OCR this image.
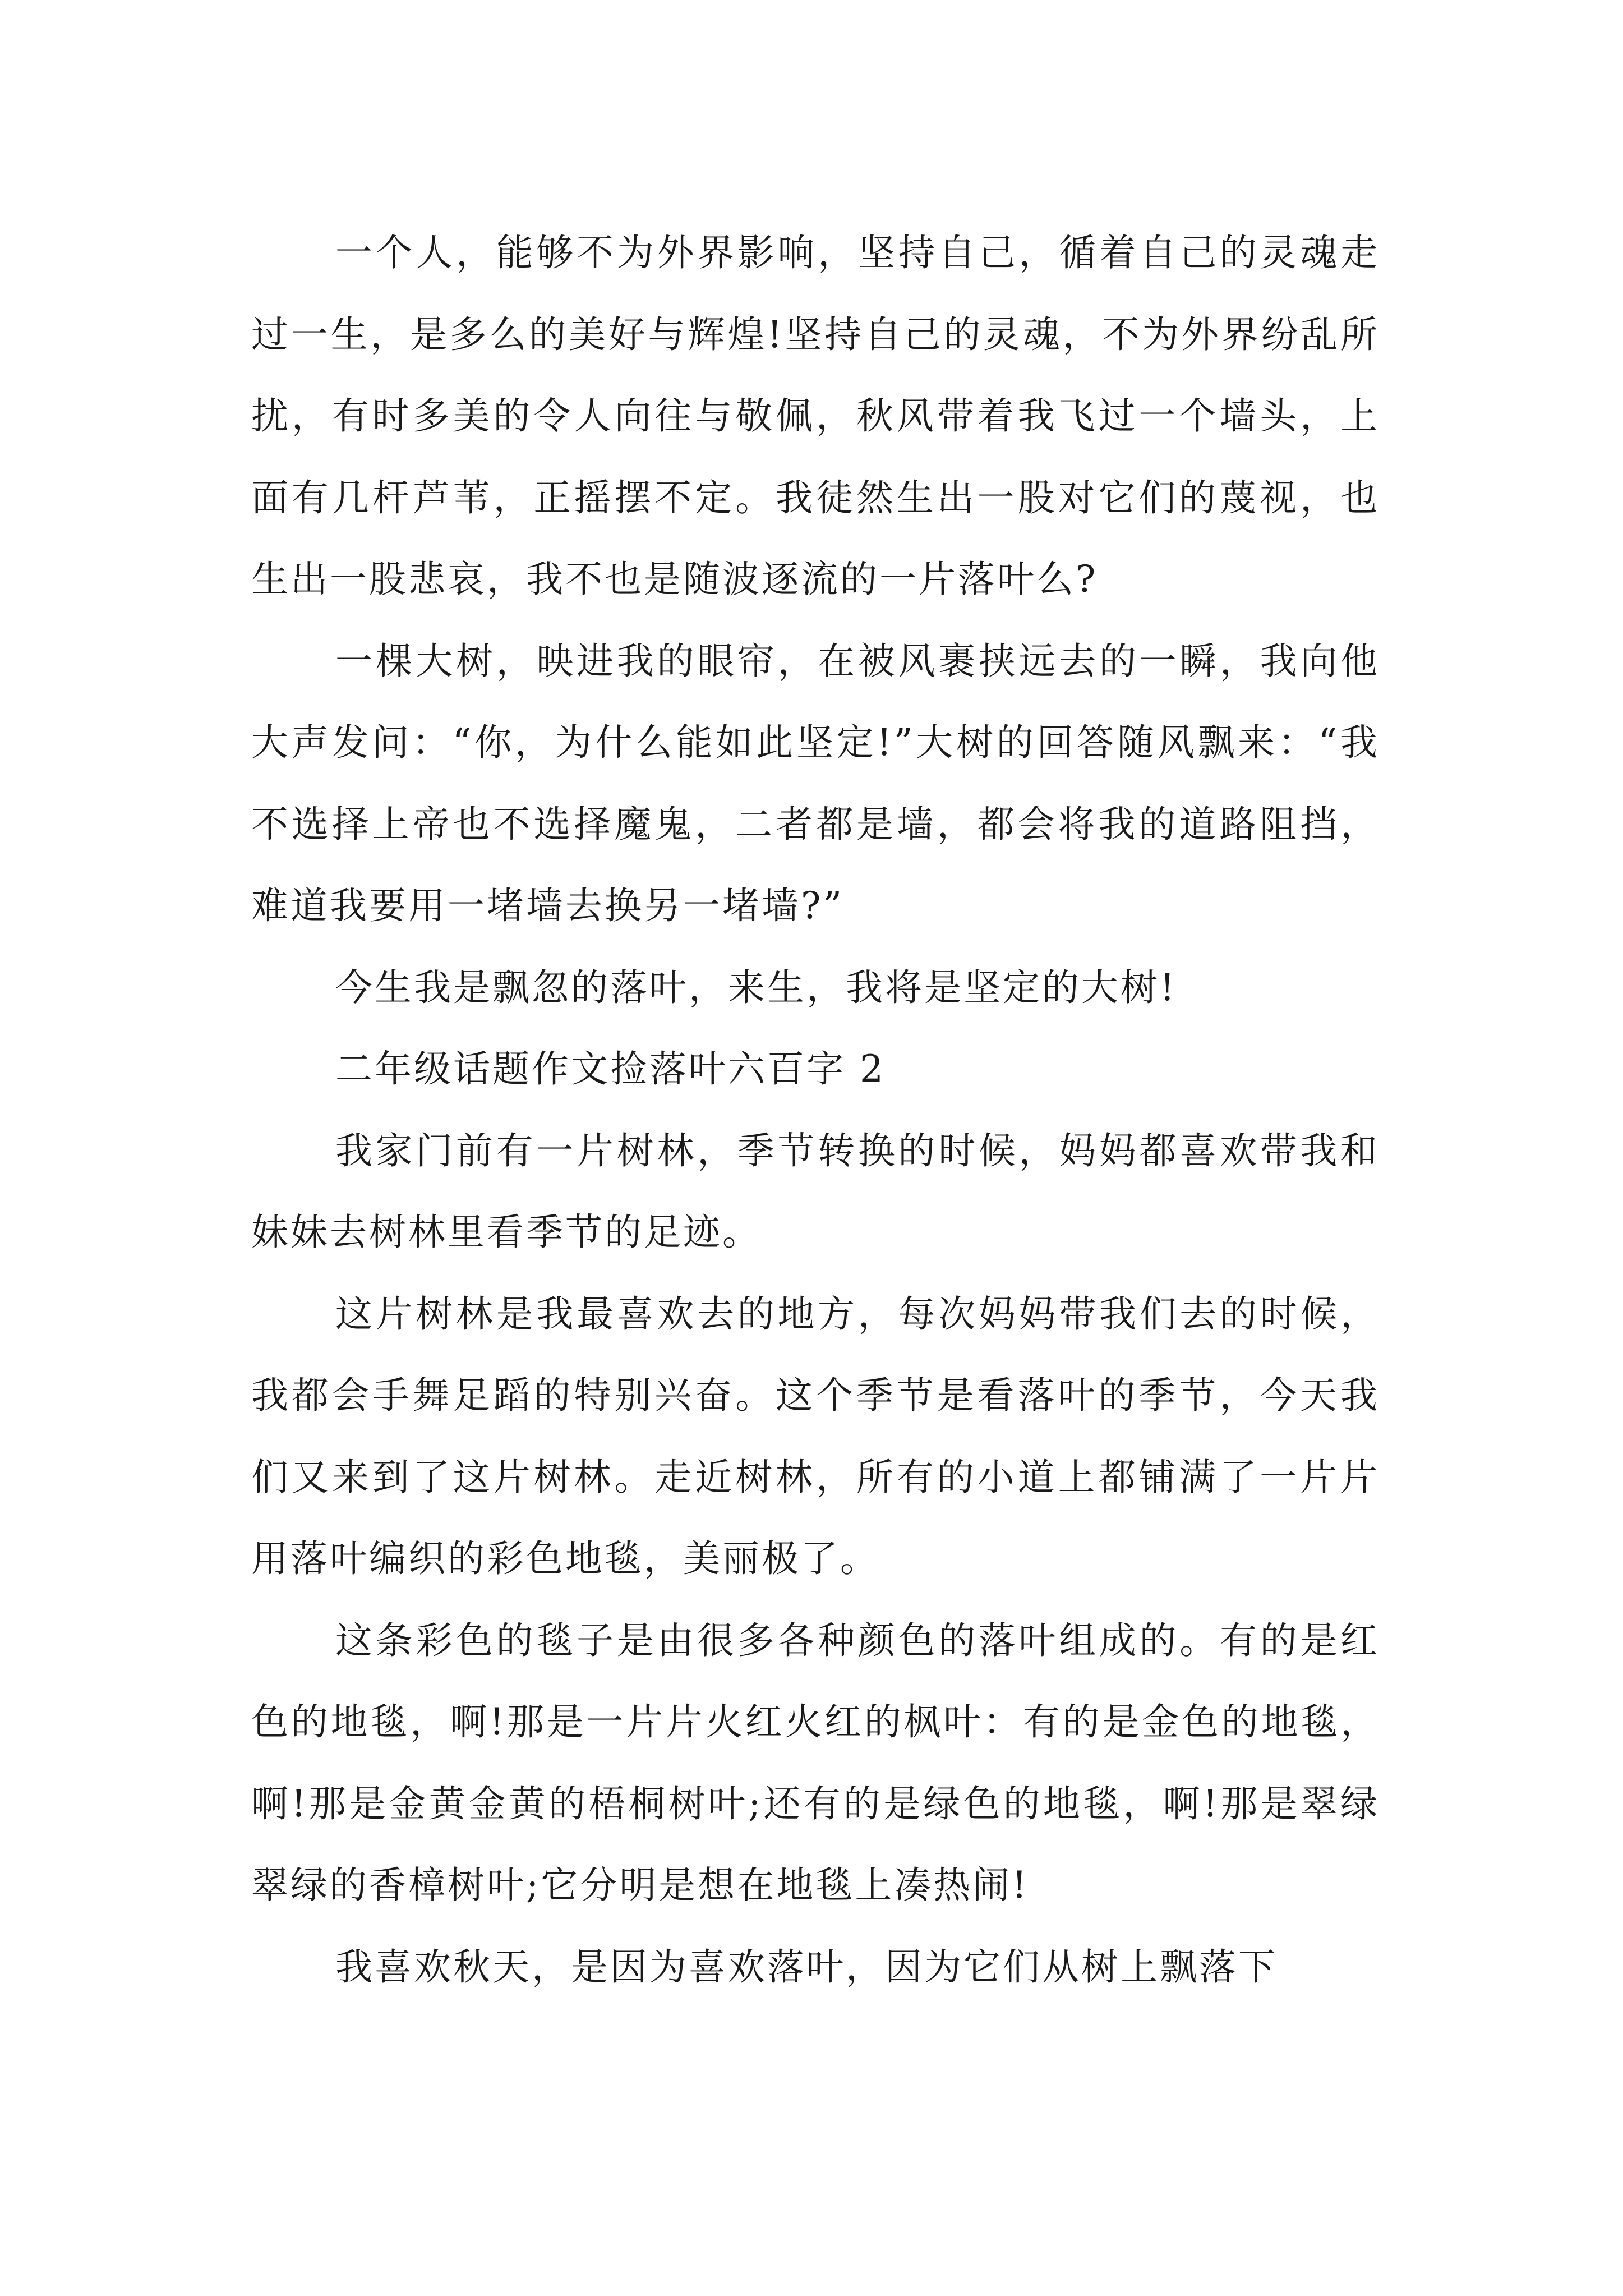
一个人，能够不为外界影响，坚持自己，循着自己的灵魂走过一生，是多么的美好与辉煌!坚持自己的灵魂，不为外界纷乱所扰，有时多美的令人向往与敬佩，秋风带着我飞过一个墙头，上面有几杆芦苇，正摇摆不定。我徒然生出一股对它们的蔑视，也生出一股悲哀，我不也是随波逐流的一片落叶么?

一棵大树，映进我的眼帘，在被风裹挟远去的一瞬，我向他大声发问：“你，为什么能如此坚定!”大树的回答随风飘来：“我不选择上帝也不选择魔鬼，二者都是墙，都会将我的道路阻挡，难道我要用一堵墙去换另一堵墙?”

今生我是飘忽的落叶，来生，我将是坚定的大树!

二年级话题作文捡落叶六百字 2

我家门前有一片树林，季节转换的时候，妈妈都喜欢带我和妹妹去树林里看季节的足迹。

这片树林是我最喜欢去的地方，每次妈妈带我们去的时候，我都会手舞足蹈的特别兴奋。这个季节是看落叶的季节，今天我们又来到了这片树林。走近树林，所有的小道上都铺满了一片片用落叶编织的彩色地毯，美丽极了。

这条彩色的毯子是由很多各种颜色的落叶组成的。有的是红色的地毯，啊!那是一片片火红火红的枫叶：有的是金色的地毯，啊!那是金黄金黄的梧桐树叶;还有的是绿色的地毯，啊!那是翠绿翠绿的香樟树叶;它分明是想在地毯上凑热闹!

我喜欢秋天，是因为喜欢落叶，因为它们从树上飘落下
